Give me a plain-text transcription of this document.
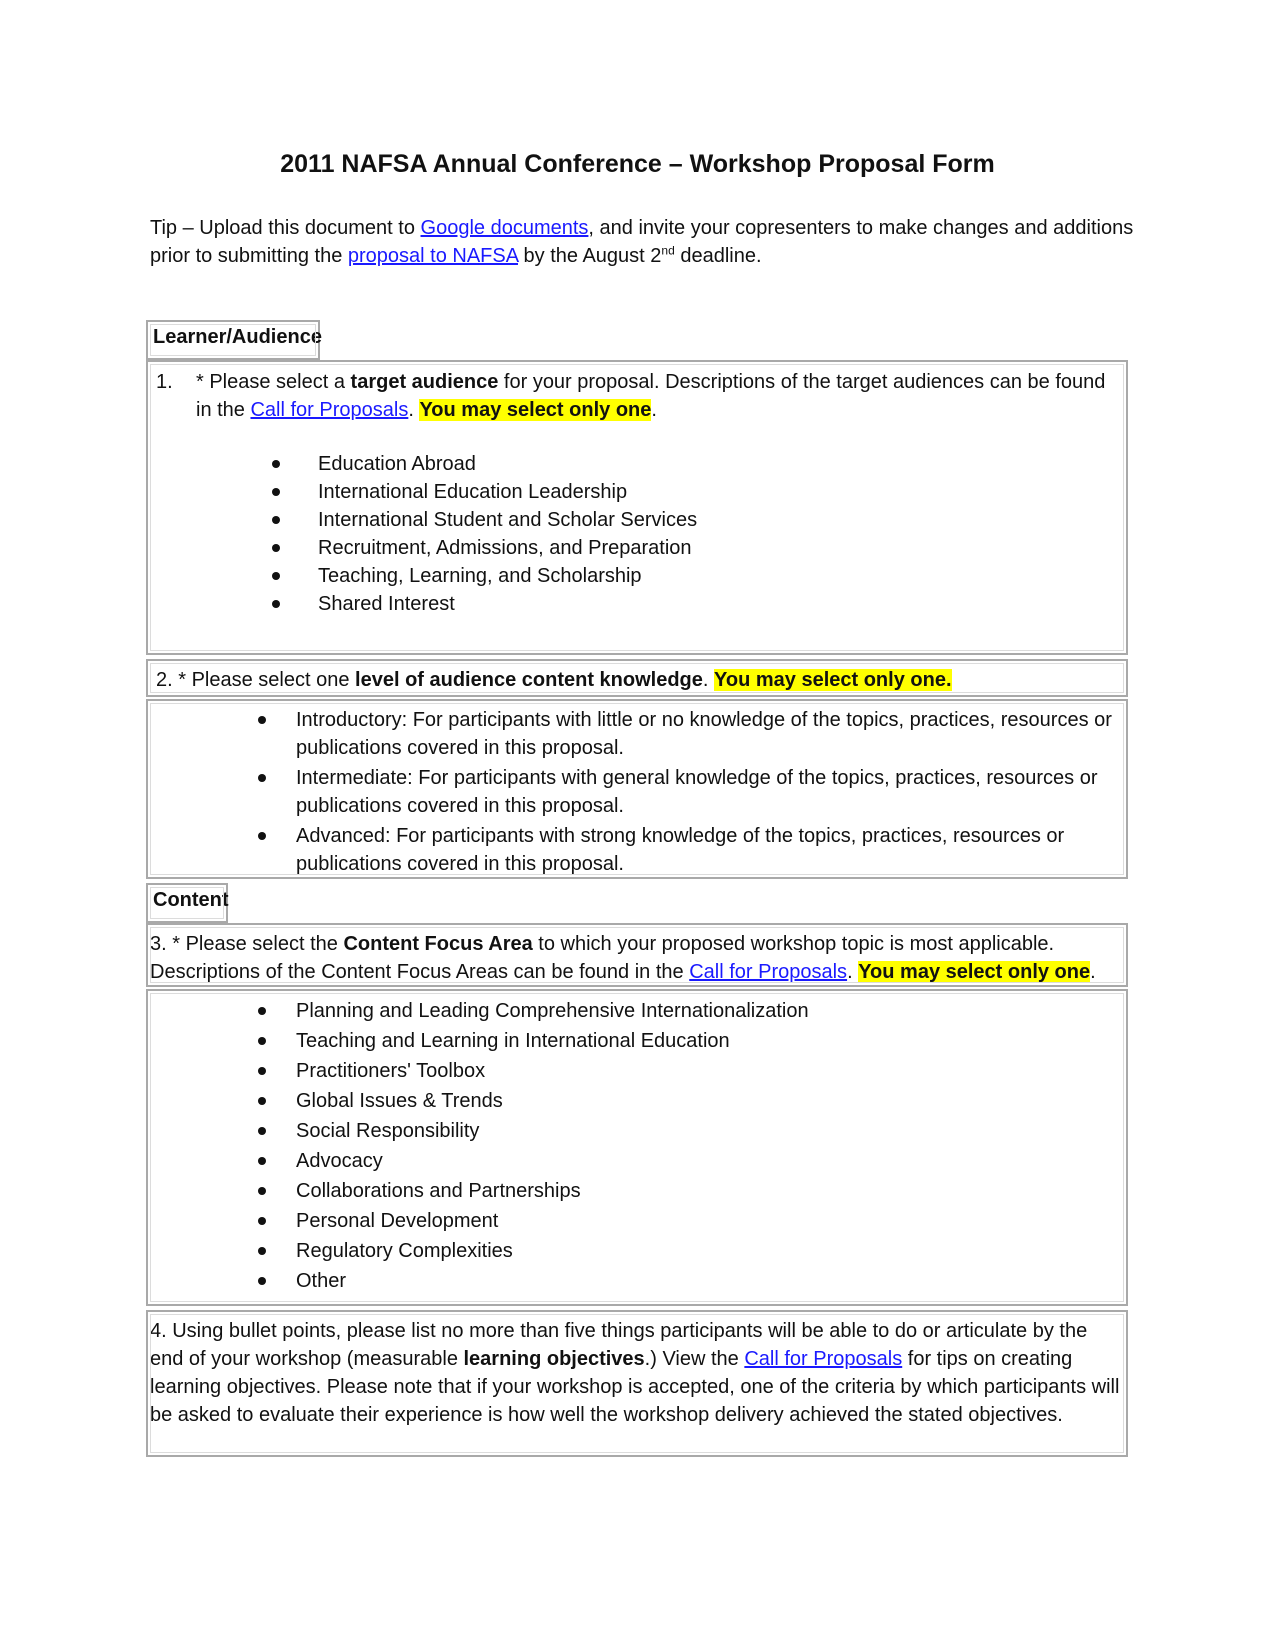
2011 NAFSA Annual Conference – Workshop Proposal Form

Tip – Upload this document to Google documents, and invite your copresenters to make changes and additions prior to submitting the proposal to NAFSA by the August 2nd deadline.

Learner/Audience
1. * Please select a target audience for your proposal. Descriptions of the target audiences can be found in the Call for Proposals. You may select only one.
Education Abroad
International Education Leadership
International Student and Scholar Services
Recruitment, Admissions, and Preparation
Teaching, Learning, and Scholarship
Shared Interest
2. * Please select one level of audience content knowledge. You may select only one.
Introductory: For participants with little or no knowledge of the topics, practices, resources or publications covered in this proposal.
Intermediate: For participants with general knowledge of the topics, practices, resources or publications covered in this proposal.
Advanced: For participants with strong knowledge of the topics, practices, resources or publications covered in this proposal.
Content
3. * Please select the Content Focus Area to which your proposed workshop topic is most applicable. Descriptions of the Content Focus Areas can be found in the Call for Proposals. You may select only one.
Planning and Leading Comprehensive Internationalization
Teaching and Learning in International Education
Practitioners' Toolbox
Global Issues & Trends
Social Responsibility
Advocacy
Collaborations and Partnerships
Personal Development
Regulatory Complexities
Other
4. Using bullet points, please list no more than five things participants will be able to do or articulate by the end of your workshop (measurable learning objectives.) View the Call for Proposals for tips on creating learning objectives. Please note that if your workshop is accepted, one of the criteria by which participants will be asked to evaluate their experience is how well the workshop delivery achieved the stated objectives.
